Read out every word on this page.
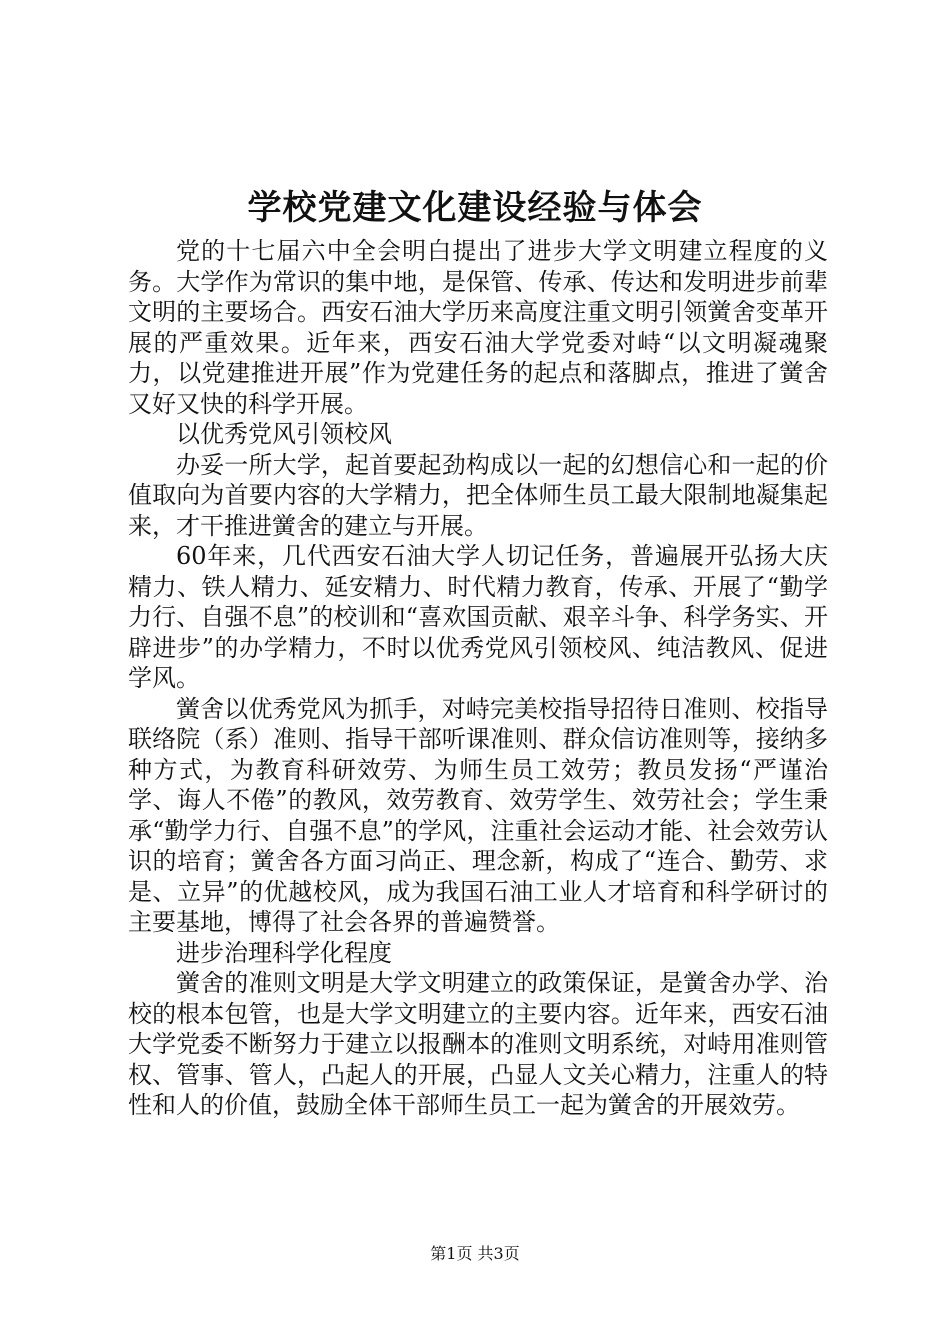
学校党建文化建设经验与体会

党的十七届六中全会明白提出了进步大学文明建立程度的义务。大学作为常识的集中地，是保管、传承、传达和发明进步前辈文明的主要场合。西安石油大学历来高度注重文明引领黉舍变革开展的严重效果。近年来，西安石油大学党委对峙“以文明凝魂聚力，以党建推进开展”作为党建任务的起点和落脚点，推进了黉舍又好又快的科学开展。

以优秀党风引领校风

办妥一所大学，起首要起劲构成以一起的幻想信心和一起的价值取向为首要内容的大学精力，把全体师生员工最大限制地凝集起来，才干推进黉舍的建立与开展。

60年来，几代西安石油大学人切记任务，普遍展开弘扬大庆精力、铁人精力、延安精力、时代精力教育，传承、开展了“勤学力行、自强不息”的校训和“喜欢国贡献、艰辛斗争、科学务实、开辟进步”的办学精力，不时以优秀党风引领校风、纯洁教风、促进学风。

黉舍以优秀党风为抓手，对峙完美校指导招待日准则、校指导联络院（系）准则、指导干部听课准则、群众信访准则等，接纳多种方式，为教育科研效劳、为师生员工效劳；教员发扬“严谨治学、诲人不倦”的教风，效劳教育、效劳学生、效劳社会；学生秉承“勤学力行、自强不息”的学风，注重社会运动才能、社会效劳认识的培育；黉舍各方面习尚正、理念新，构成了“连合、勤劳、求是、立异”的优越校风，成为我国石油工业人才培育和科学研讨的主要基地，博得了社会各界的普遍赞誉。

进步治理科学化程度

黉舍的准则文明是大学文明建立的政策保证，是黉舍办学、治校的根本包管，也是大学文明建立的主要内容。近年来，西安石油大学党委不断努力于建立以报酬本的准则文明系统，对峙用准则管权、管事、管人，凸起人的开展，凸显人文关心精力，注重人的特性和人的价值，鼓励全体干部师生员工一起为黉舍的开展效劳。

第1页 共3页
